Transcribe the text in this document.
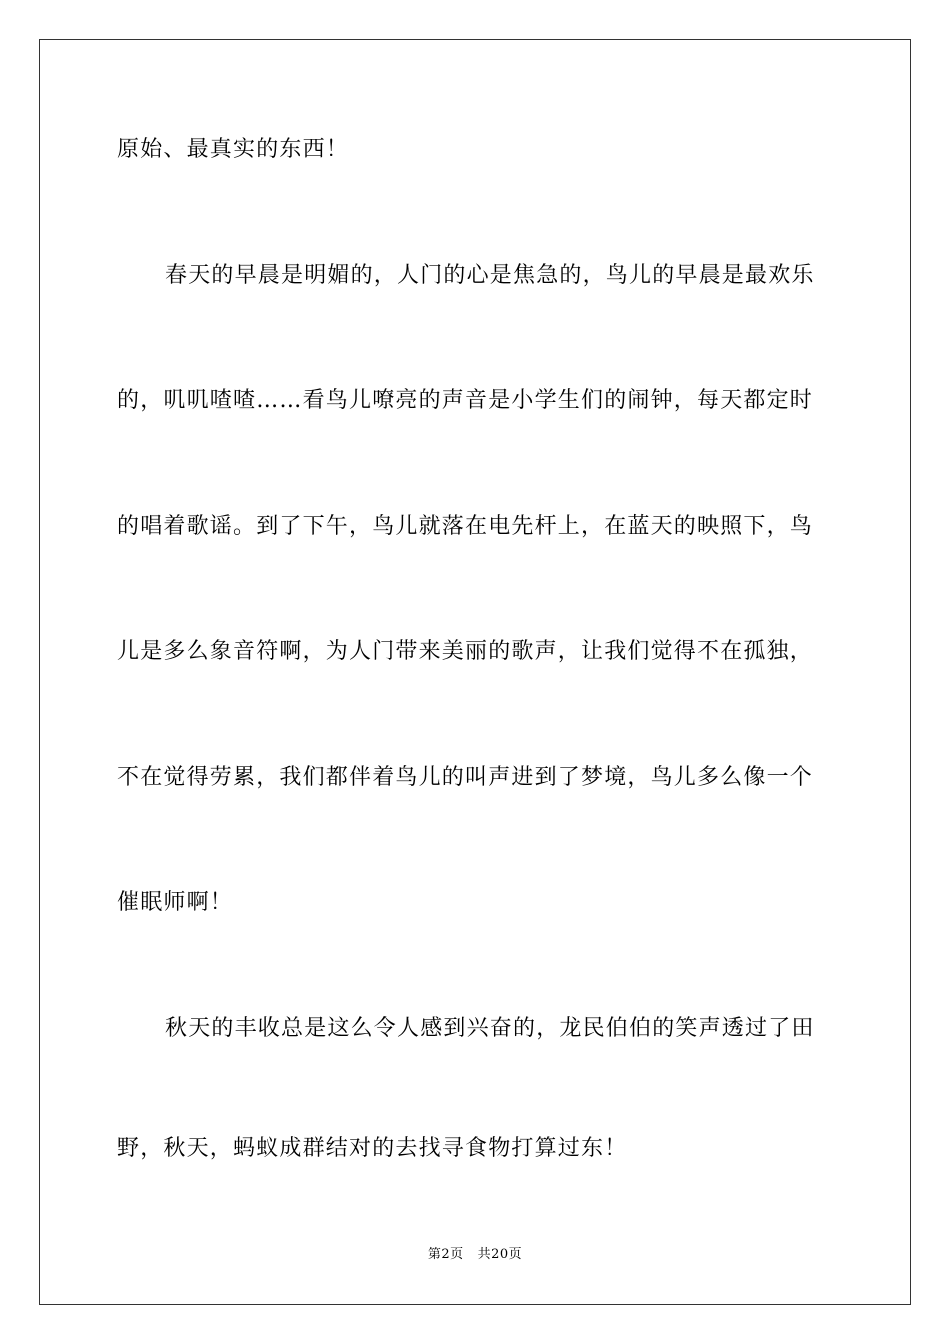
原始、最真实的东西！
春天的早晨是明媚的，人门的心是焦急的，鸟儿的早晨是最欢乐
的，叽叽喳喳……看鸟儿嘹亮的声音是小学生们的闹钟，每天都定时
的唱着歌谣。到了下午，鸟儿就落在电先杆上，在蓝天的映照下，鸟
儿是多么象音符啊，为人门带来美丽的歌声，让我们觉得不在孤独，
不在觉得劳累，我们都伴着鸟儿的叫声进到了梦境，鸟儿多么像一个
催眠师啊！
秋天的丰收总是这么令人感到兴奋的，龙民伯伯的笑声透过了田
野，秋天，蚂蚁成群结对的去找寻食物打算过东！
第2页 共20页
